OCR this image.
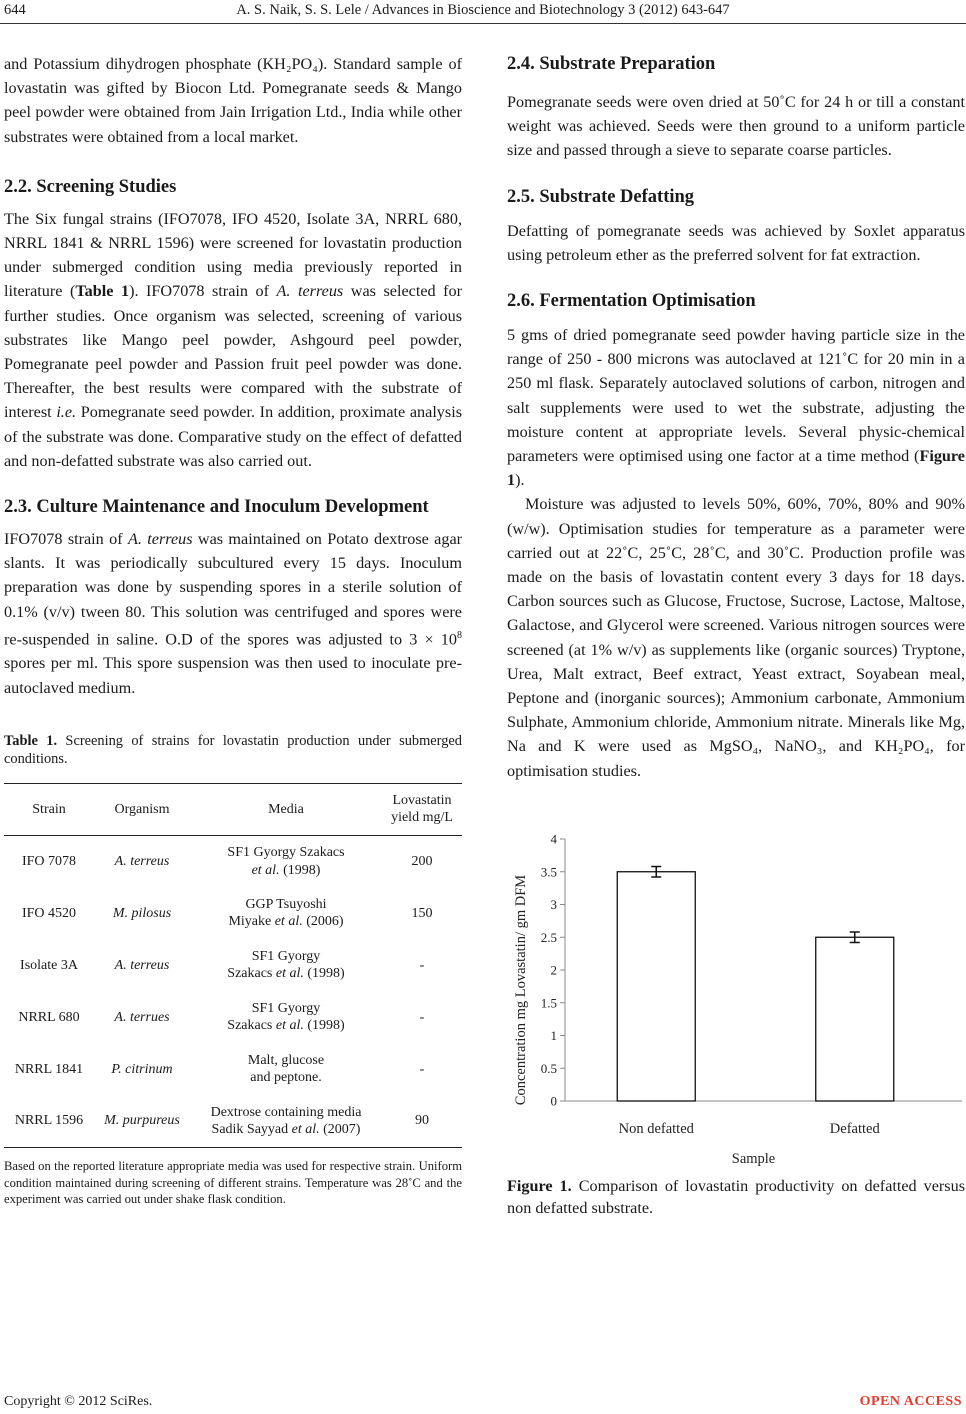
644	A. S. Naik, S. S. Lele / Advances in Bioscience and Biotechnology 3 (2012) 643-647

and Potassium dihydrogen phosphate (KH₂PO₄). Standard sample of lovastatin was gifted by Biocon Ltd. Pomegranate seeds & Mango peel powder were obtained from Jain Irrigation Ltd., India while other substrates were obtained from a local market.

2.2. Screening Studies

The Six fungal strains (IFO7078, IFO 4520, Isolate 3A, NRRL 680, NRRL 1841 & NRRL 1596) were screened for lovastatin production under submerged condition using media previously reported in literature (Table 1). IFO7078 strain of A. terreus was selected for further studies. Once organism was selected, screening of various substrates like Mango peel powder, Ashgourd peel powder, Pomegranate peel powder and Passion fruit peel powder was done. Thereafter, the best results were compared with the substrate of interest i.e. Pomegranate seed powder. In addition, proximate analysis of the substrate was done. Comparative study on the effect of defatted and non-defatted substrate was also carried out.

2.3. Culture Maintenance and Inoculum Development

IFO7078 strain of A. terreus was maintained on Potato dextrose agar slants. It was periodically subcultured every 15 days. Inoculum preparation was done by suspending spores in a sterile solution of 0.1% (v/v) tween 80. This solution was centrifuged and spores were re-suspended in saline. O.D of the spores was adjusted to $3 \times 10^8$ spores per ml. This spore suspension was then used to inoculate pre-autoclaved medium.

Table 1. Screening of strains for lovastatin production under submerged conditions.

Strain	Organism	Media	Lovastatin yield mg/L
IFO 7078	A. terreus	SF1 Gyorgy Szakacs
et al. (1998)	200
IFO 4520	M. pilosus	GGP Tsuyoshi
Miyake et al. (2006)	150
Isolate 3A	A. terreus	SF1 Gyorgy
Szakacs et al. (1998)	-
NRRL 680	A. terrues	SF1 Gyorgy
Szakacs et al. (1998)	-
NRRL 1841	P. citrinum	Malt, glucose
and peptone.	-
NRRL 1596	M. purpureus	Dextrose containing media
Sadik Sayyad et al. (2007)	90

Based on the reported literature appropriate media was used for respective strain. Uniform condition maintained during screening of different strains. Temperature was 28˚C and the experiment was carried out under shake flask condition.

2.4. Substrate Preparation

Pomegranate seeds were oven dried at 50˚C for 24 h or till a constant weight was achieved. Seeds were then ground to a uniform particle size and passed through a sieve to separate coarse particles.

2.5. Substrate Defatting

Defatting of pomegranate seeds was achieved by Soxlet apparatus using petroleum ether as the preferred solvent for fat extraction.

2.6. Fermentation Optimisation

5 gms of dried pomegranate seed powder having particle size in the range of 250 - 800 microns was autoclaved at 121˚C for 20 min in a 250 ml flask. Separately autoclaved solutions of carbon, nitrogen and salt supplements were used to wet the substrate, adjusting the moisture content at appropriate levels. Several physic-chemical parameters were optimised using one factor at a time method (Figure 1).

Moisture was adjusted to levels 50%, 60%, 70%, 80% and 90% (w/w). Optimisation studies for temperature as a parameter were carried out at 22˚C, 25˚C, 28˚C, and 30˚C. Production profile was made on the basis of lovastatin content every 3 days for 18 days. Carbon sources such as Glucose, Fructose, Sucrose, Lactose, Maltose, Galactose, and Glycerol were screened. Various nitrogen sources were screened (at 1% w/v) as supplements like (organic sources) Tryptone, Urea, Malt extract, Beef extract, Yeast extract, Soyabean meal, Peptone and (inorganic sources); Ammonium carbonate, Ammonium Sulphate, Ammonium chloride, Ammonium nitrate. Minerals like Mg, Na and K were used as MgSO₄, NaNO₃, and KH₂PO₄, for optimisation studies.

0
0.5
1
1.5
2
2.5
3
3.5
4
Non defatted	Defatted
Sample
Concentration mg Lovastatin/ gm DFM

Figure 1. Comparison of lovastatin productivity on defatted versus non defatted substrate.

Copyright © 2012 SciRes.	OPEN ACCESS
